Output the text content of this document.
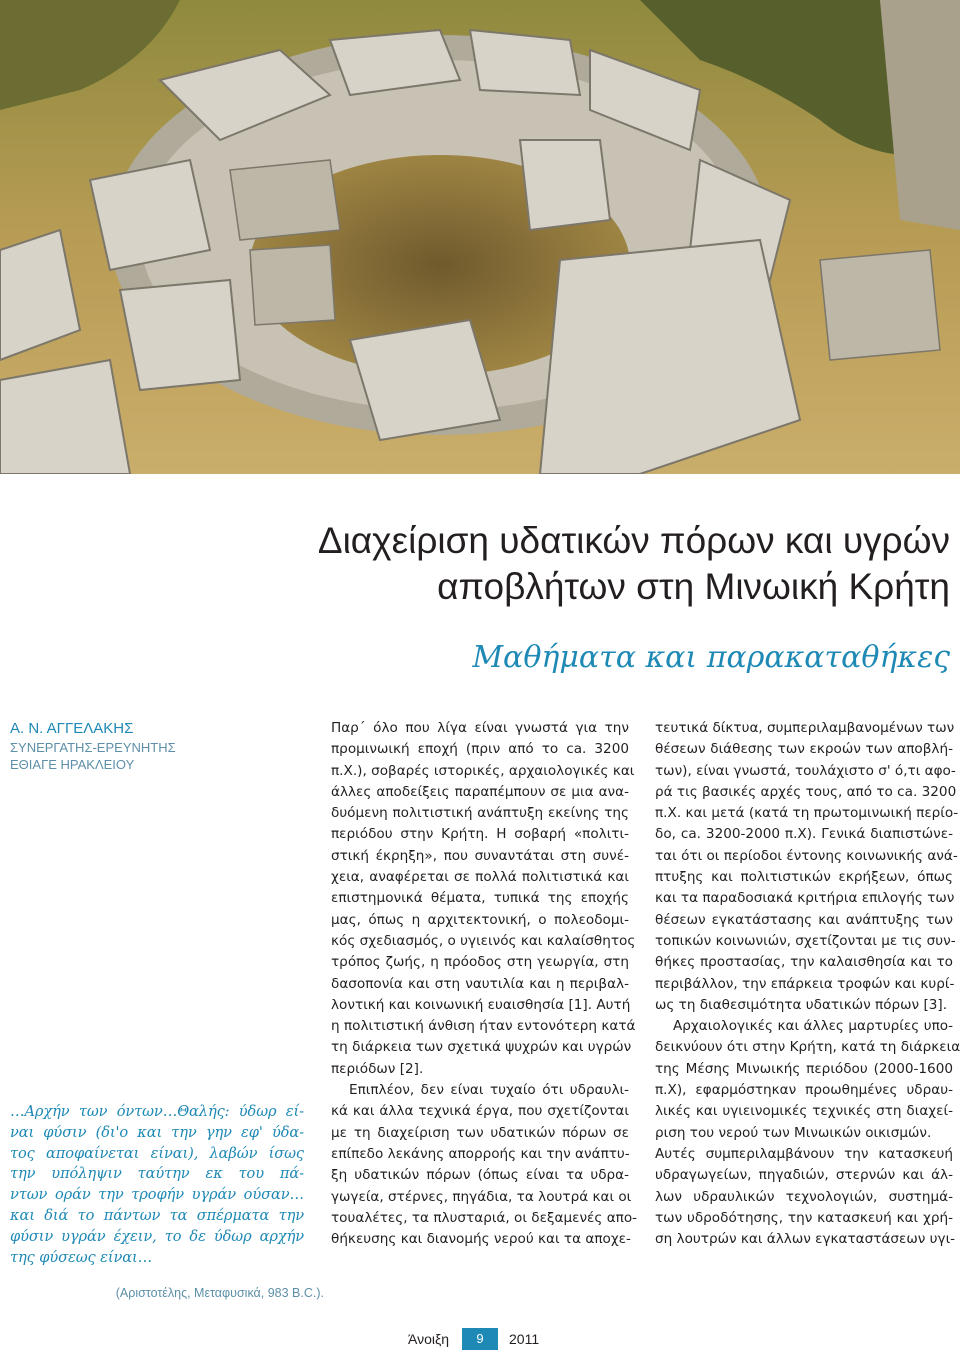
Διαχείριση υδατικών πόρων και υγρών
αποβλήτων στη Μινωική Κρήτη
Μαθήματα και παρακαταθήκες
Α. Ν. ΑΓΓΕΛΑΚΗΣ
ΣΥΝΕΡΓΑΤΗΣ-ΕΡΕΥΝΗΤΗΣ
ΕΘΙΑΓΕ ΗΡΑΚΛΕΙΟΥ
…Αρχήν των όντων…Θαλής: ύδωρ εί-
ναι φύσιν (δι'ο και την γην εφ' ύδα-
τος αποφαίνεται είναι), λαβών ίσως
την υπόληψιν ταύτην εκ του πά-
ντων οράν την τροφήν υγράν ούσαν…
και διά το πάντων τα σπέρματα την
φύσιν υγράν έχειν, το δε ύδωρ αρχήν
της φύσεως είναι…
(Αριστοτέλης, Μεταφυσικά, 983 B.C.).
Παρ΄ όλο που λίγα είναι γνωστά για την
προμινωική εποχή (πριν από το ca. 3200
π.Χ.), σοβαρές ιστορικές, αρχαιολογικές και
άλλες αποδείξεις παραπέμπουν σε μια ανα-
δυόμενη πολιτιστική ανάπτυξη εκείνης της
περιόδου στην Κρήτη. Η σοβαρή «πολιτι-
στική έκρηξη», που συναντάται στη συνέ-
χεια, αναφέρεται σε πολλά πολιτιστικά και
επιστημονικά θέματα, τυπικά της εποχής
μας, όπως η αρχιτεκτονική, ο πολεοδομι-
κός σχεδιασμός, ο υγιεινός και καλαίσθητος
τρόπος ζωής, η πρόοδος στη γεωργία, στη
δασοπονία και στη ναυτιλία και η περιβαλ-
λοντική και κοινωνική ευαισθησία [1]. Αυτή
η πολιτιστική άνθιση ήταν εντονότερη κατά
τη διάρκεια των σχετικά ψυχρών και υγρών
περιόδων [2].
Επιπλέον, δεν είναι τυχαίο ότι υδραυλι-
κά και άλλα τεχνικά έργα, που σχετίζονται
με τη διαχείριση των υδατικών πόρων σε
επίπεδο λεκάνης απορροής και την ανάπτυ-
ξη υδατικών πόρων (όπως είναι τα υδρα-
γωγεία, στέρνες, πηγάδια, τα λουτρά και οι
τουαλέτες, τα πλυσταριά, οι δεξαμενές απο-
θήκευσης και διανομής νερού και τα αποχε-
τευτικά δίκτυα, συμπεριλαμβανομένων των
θέσεων διάθεσης των εκροών των αποβλή-
των), είναι γνωστά, τουλάχιστο σ' ό,τι αφο-
ρά τις βασικές αρχές τους, από το ca. 3200
π.Χ. και μετά (κατά τη πρωτομινωική περίο-
δο, ca. 3200-2000 π.Χ). Γενικά διαπιστώνε-
ται ότι οι περίοδοι έντονης κοινωνικής ανά-
πτυξης και πολιτιστικών εκρήξεων, όπως
και τα παραδοσιακά κριτήρια επιλογής των
θέσεων εγκατάστασης και ανάπτυξης των
τοπικών κοινωνιών, σχετίζονται με τις συν-
θήκες προστασίας, την καλαισθησία και το
περιβάλλον, την επάρκεια τροφών και κυρί-
ως τη διαθεσιμότητα υδατικών πόρων [3].
Αρχαιολογικές και άλλες μαρτυρίες υπο-
δεικνύουν ότι στην Κρήτη, κατά τη διάρκεια
της Μέσης Μινωικής περιόδου (2000-1600
π.Χ), εφαρμόστηκαν προωθημένες υδραυ-
λικές και υγιεινομικές τεχνικές στη διαχεί-
ριση του νερού των Μινωικών οικισμών.
Αυτές συμπεριλαμβάνουν την κατασκευή
υδραγωγείων, πηγαδιών, στερνών και άλ-
λων υδραυλικών τεχνολογιών, συστημά-
των υδροδότησης, την κατασκευή και χρή-
ση λουτρών και άλλων εγκαταστάσεων υγι-
Άνοιξη	9	2011
